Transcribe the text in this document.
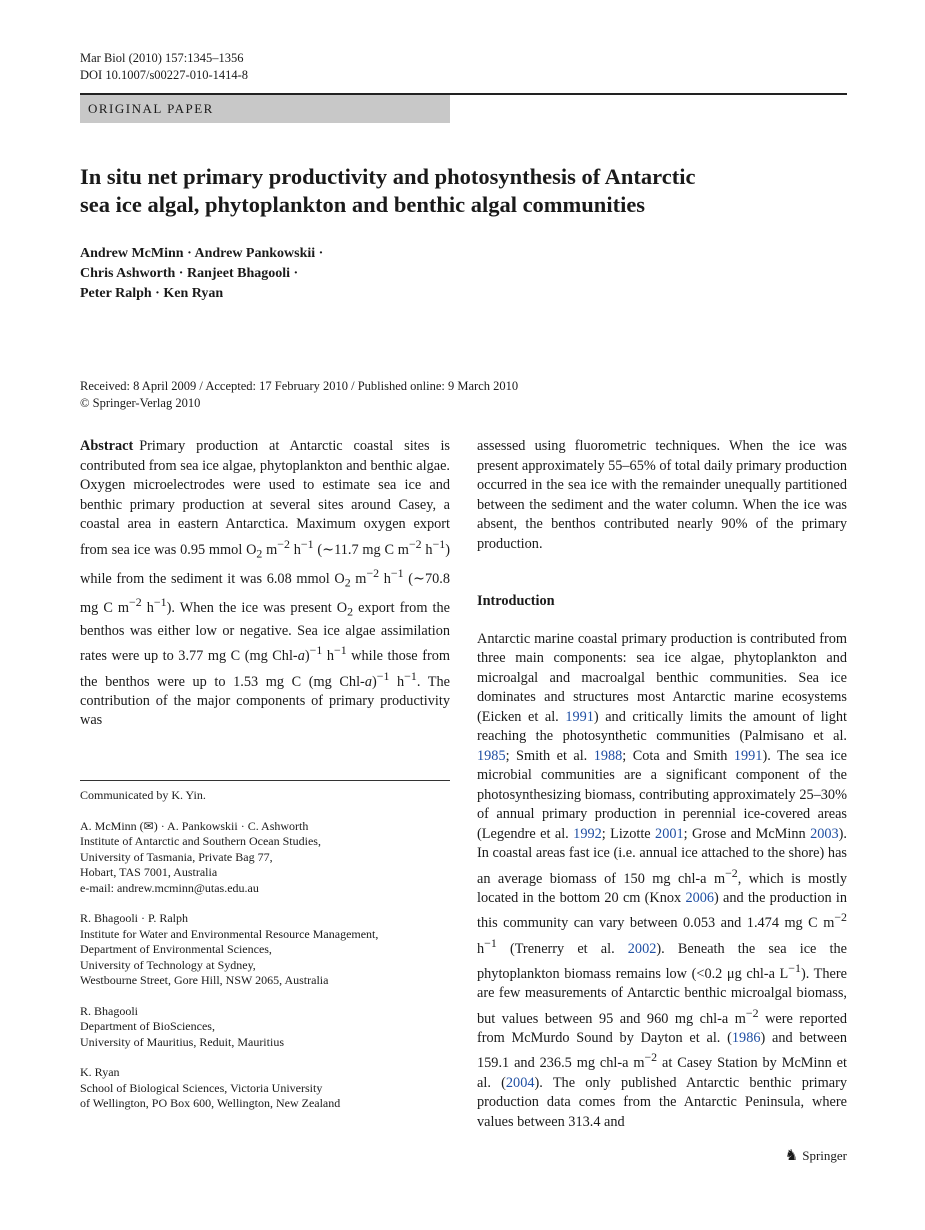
Mar Biol (2010) 157:1345–1356
DOI 10.1007/s00227-010-1414-8
ORIGINAL PAPER
In situ net primary productivity and photosynthesis of Antarctic
sea ice algal, phytoplankton and benthic algal communities
Andrew McMinn · Andrew Pankowskii ·
Chris Ashworth · Ranjeet Bhagooli ·
Peter Ralph · Ken Ryan
Received: 8 April 2009 / Accepted: 17 February 2010 / Published online: 9 March 2010
© Springer-Verlag 2010

Abstract Primary production at Antarctic coastal sites is contributed from sea ice algae, phytoplankton and benthic algae. Oxygen microelectrodes were used to estimate sea ice and benthic primary production at several sites around Casey, a coastal area in eastern Antarctica. Maximum oxygen export from sea ice was 0.95 mmol $O_2$ $m^{-2}$ $h^{-1}$ (∼11.7 mg C $m^{-2}$ $h^{-1}$) while from the sediment it was 6.08 mmol $O_2$ $m^{-2}$ $h^{-1}$ (∼70.8 mg C $m^{-2}$ $h^{-1}$). When the ice was present $O_2$ export from the benthos was either low or negative. Sea ice algae assimilation rates were up to 3.77 mg C (mg Chl-a)$^{-1}$ $h^{-1}$ while those from the benthos were up to 1.53 mg C (mg Chl-a)$^{-1}$ $h^{-1}$. The contribution of the major components of primary productivity was

assessed using fluorometric techniques. When the ice was present approximately 55–65% of total daily primary production occurred in the sea ice with the remainder unequally partitioned between the sediment and the water column. When the ice was absent, the benthos contributed nearly 90% of the primary production.

Introduction

Antarctic marine coastal primary production is contributed from three main components: sea ice algae, phytoplankton and microalgal and macroalgal benthic communities. Sea ice dominates and structures most Antarctic marine ecosystems (Eicken et al. 1991) and critically limits the amount of light reaching the photosynthetic communities (Palmisano et al. 1985; Smith et al. 1988; Cota and Smith 1991). The sea ice microbial communities are a significant component of the photosynthesizing biomass, contributing approximately 25–30% of annual primary production in perennial ice-covered areas (Legendre et al. 1992; Lizotte 2001; Grose and McMinn 2003). In coastal areas fast ice (i.e. annual ice attached to the shore) has an average biomass of 150 mg chl-a $m^{-2}$, which is mostly located in the bottom 20 cm (Knox 2006) and the production in this community can vary between 0.053 and 1.474 mg C $m^{-2}$ $h^{-1}$ (Trenerry et al. 2002). Beneath the sea ice the phytoplankton biomass remains low (<0.2 μg chl-a $L^{-1}$). There are few measurements of Antarctic benthic microalgal biomass, but values between 95 and 960 mg chl-a $m^{-2}$ were reported from McMurdo Sound by Dayton et al. (1986) and between 159.1 and 236.5 mg chl-a $m^{-2}$ at Casey Station by McMinn et al. (2004). The only published Antarctic benthic primary production data comes from the Antarctic Peninsula, where values between 313.4 and

Communicated by K. Yin.
A. McMinn (✉) · A. Pankowskii · C. Ashworth
Institute of Antarctic and Southern Ocean Studies,
University of Tasmania, Private Bag 77,
Hobart, TAS 7001, Australia
e-mail: andrew.mcminn@utas.edu.au
R. Bhagooli · P. Ralph
Institute for Water and Environmental Resource Management,
Department of Environmental Sciences,
University of Technology at Sydney,
Westbourne Street, Gore Hill, NSW 2065, Australia
R. Bhagooli
Department of BioSciences,
University of Mauritius, Reduit, Mauritius
K. Ryan
School of Biological Sciences, Victoria University
of Wellington, PO Box 600, Wellington, New Zealand
♞ Springer
